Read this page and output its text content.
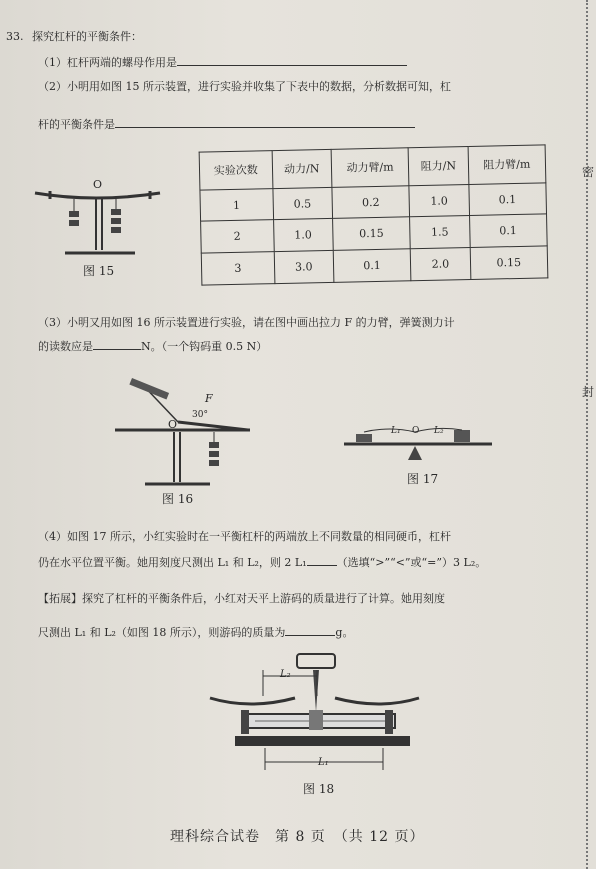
密
封
33. 探究杠杆的平衡条件：
（1）杠杆两端的螺母作用是
（2）小明用如图 15 所示装置，进行实验并收集了下表中的数据，分析数据可知，杠
杆的平衡条件是
O
图 15
实验次数	动力/N	动力臂/m	阻力/N	阻力臂/m
1	0.5	0.2	1.0	0.1
2	1.0	0.15	1.5	0.1
3	3.0	0.1	2.0	0.15
（3）小明又用如图 16 所示装置进行实验，请在图中画出拉力 F 的力臂，弹簧测力计
的读数应是	N。（一个钩码重 0.5 N）
O
F
30°
图 16
L₁	L₂
O
图 17
（4）如图 17 所示，小红实验时在一平衡杠杆的两端放上不同数量的相同硬币，杠杆
仍在水平位置平衡。她用刻度尺测出 L₁ 和 L₂，则 2 L₁	（选填“>”“<”或“=”）3 L₂。
【拓展】探究了杠杆的平衡条件后，小红对天平上游码的质量进行了计算。她用刻度
尺测出 L₁ 和 L₂（如图 18 所示），则游码的质量为	g。
L₂
L₁
图 18
理科综合试卷　第 8 页　（共 12 页）
